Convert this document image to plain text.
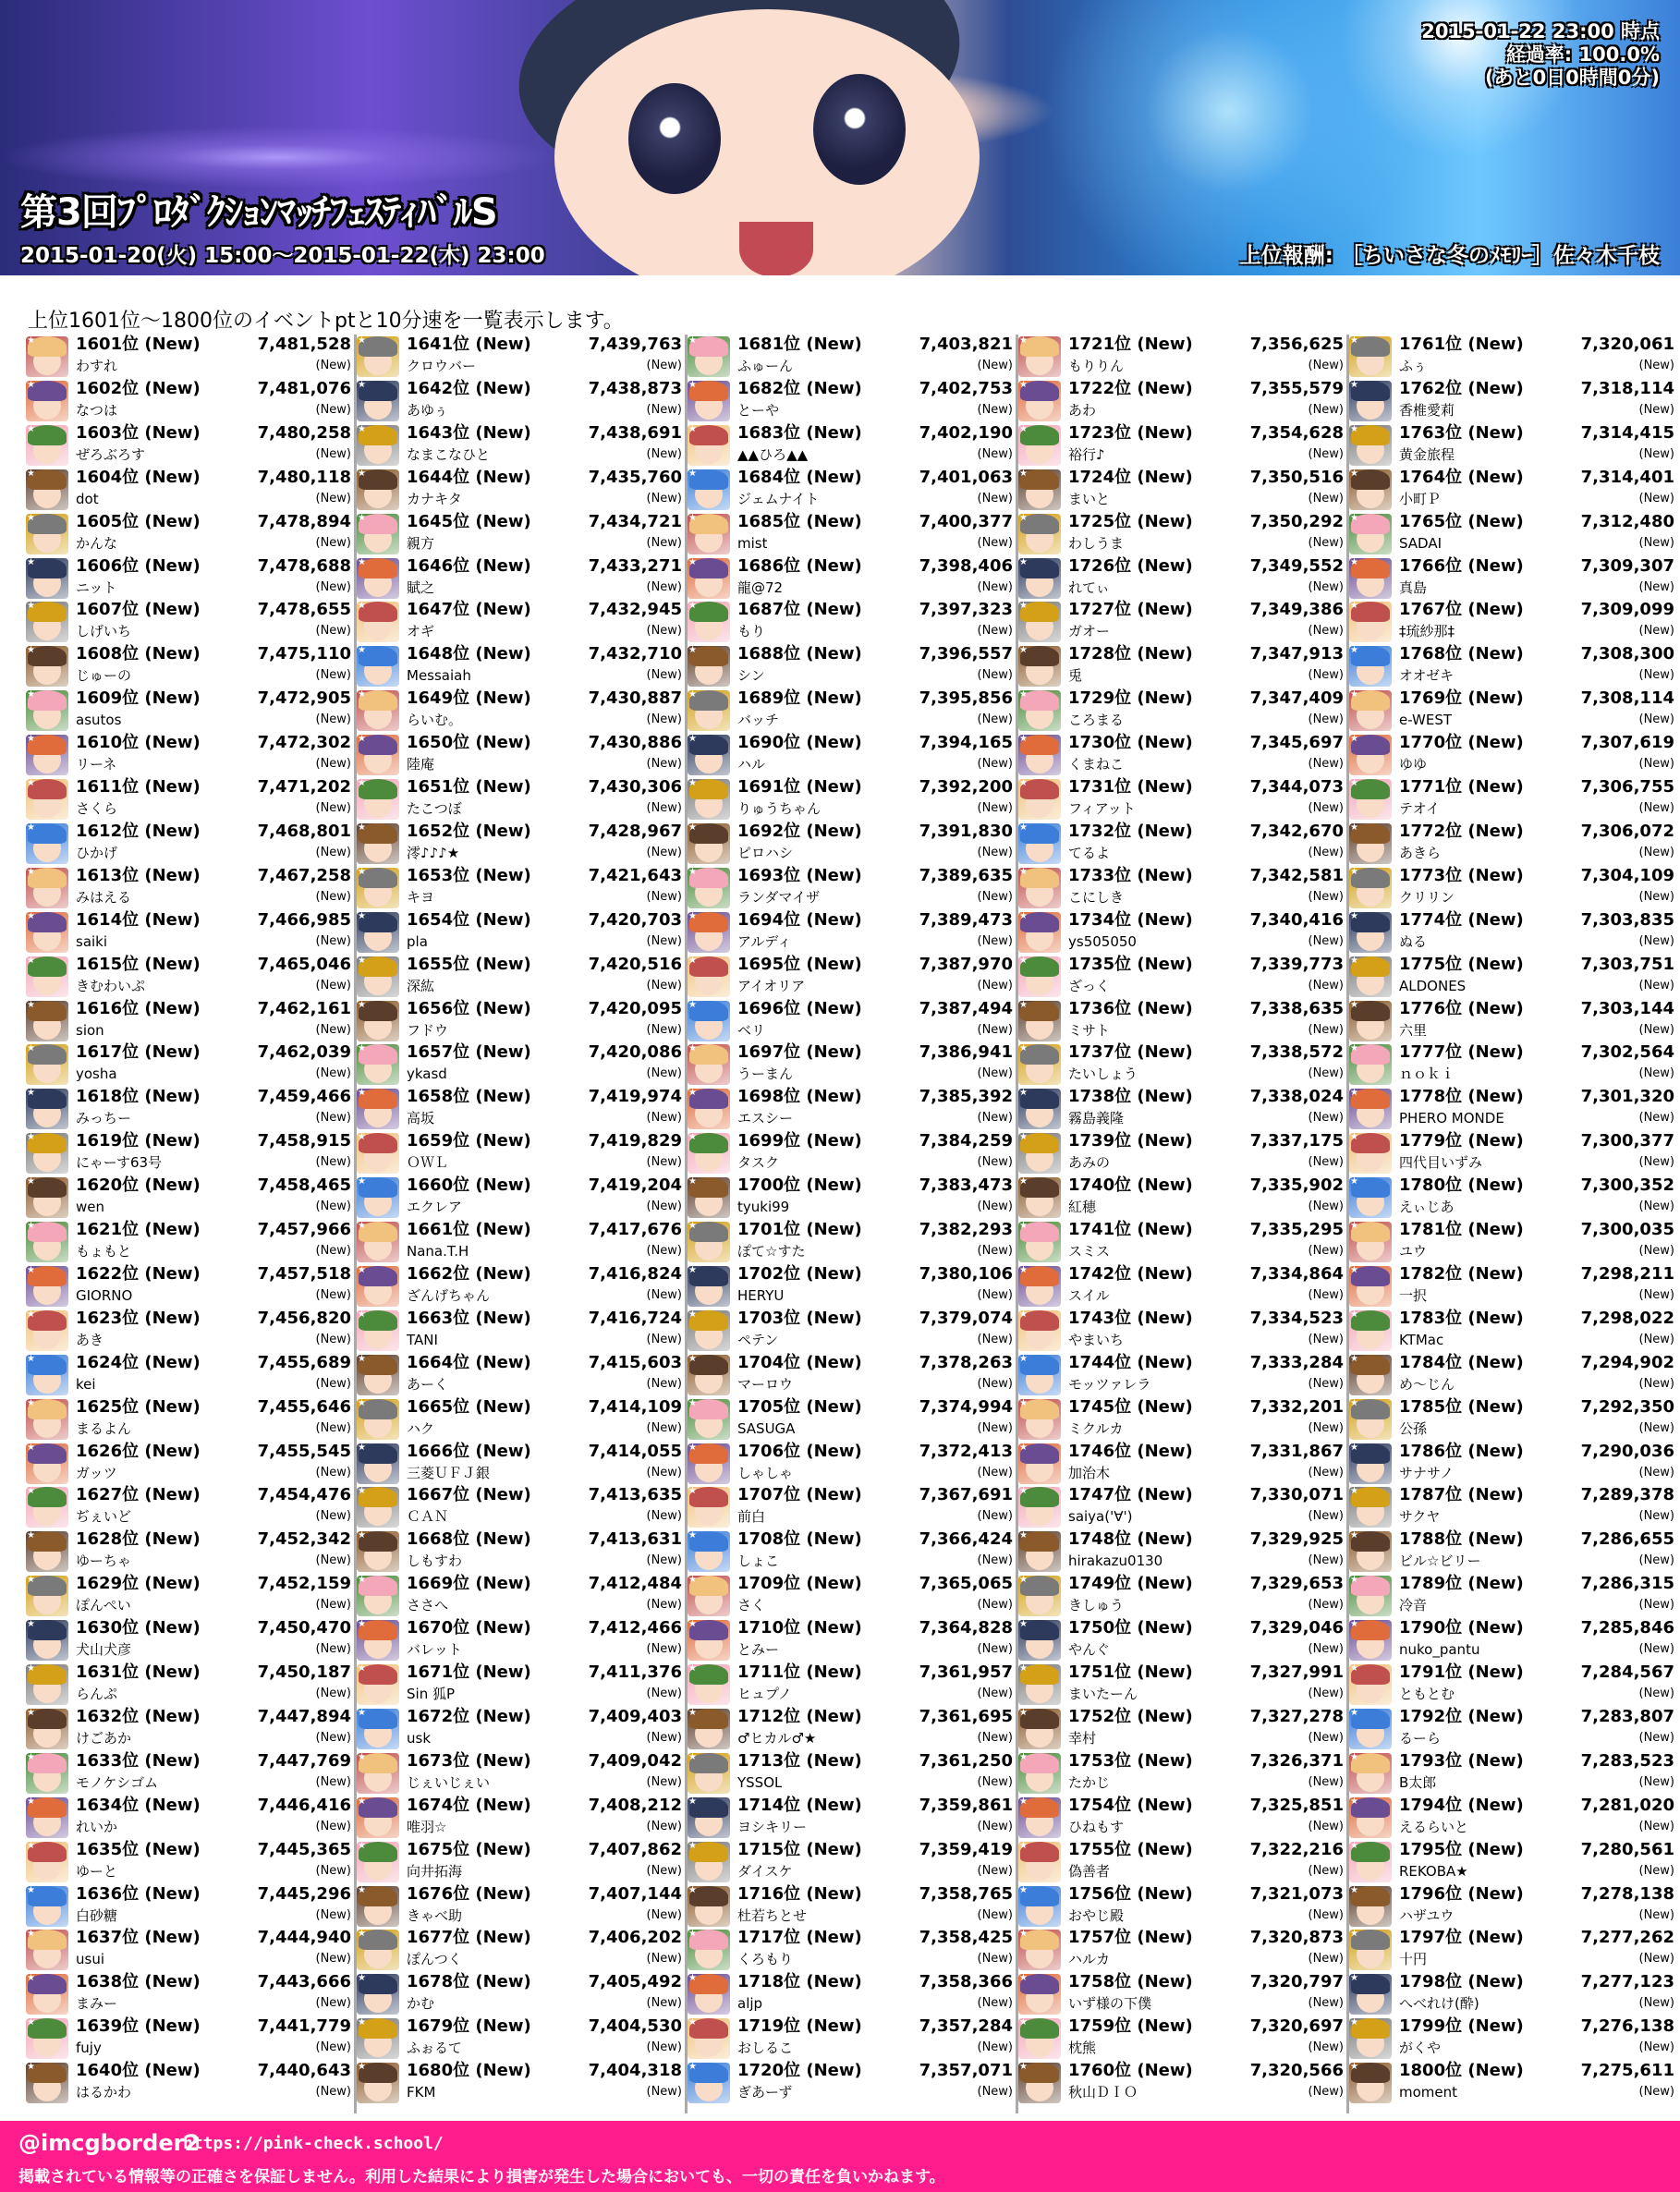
2015-01-22 23:00 時点
経過率: 100.0%
(あと0日0時間0分)
第3回ﾌﾟﾛﾀﾞｸｼｮﾝﾏｯﾁﾌｪｽﾃｨﾊﾞﾙS
2015-01-20(火) 15:00～2015-01-22(木) 23:00	上位報酬: ［ちいさな冬のﾒﾓﾘｰ］佐々木千枝
上位1601位～1800位のイベントptと10分速を一覧表示します。
★ 1601位 (New)	7,481,528
わすれ	(New)
★ 1602位 (New)	7,481,076
なつは	(New)
★ 1603位 (New)	7,480,258
ぜろぶろす	(New)
★ 1604位 (New)	7,480,118
dot	(New)
★ 1605位 (New)	7,478,894
かんな	(New)
★ 1606位 (New)	7,478,688
ニット	(New)
★ 1607位 (New)	7,478,655
しげいち	(New)
★ 1608位 (New)	7,475,110
じゅーの	(New)
★ 1609位 (New)	7,472,905
asutos	(New)
★ 1610位 (New)	7,472,302
リーネ	(New)
★ 1611位 (New)	7,471,202
さくら	(New)
★ 1612位 (New)	7,468,801
ひかげ	(New)
★ 1613位 (New)	7,467,258
みはえる	(New)
★ 1614位 (New)	7,466,985
saiki	(New)
★ 1615位 (New)	7,465,046
きむわいぷ	(New)
★ 1616位 (New)	7,462,161
sion	(New)
★ 1617位 (New)	7,462,039
yosha	(New)
★ 1618位 (New)	7,459,466
みっちー	(New)
★ 1619位 (New)	7,458,915
にゃーす63号	(New)
★ 1620位 (New)	7,458,465
wen	(New)
★ 1621位 (New)	7,457,966
もょもと	(New)
★ 1622位 (New)	7,457,518
GIORNO	(New)
★ 1623位 (New)	7,456,820
あき	(New)
★ 1624位 (New)	7,455,689
kei	(New)
★ 1625位 (New)	7,455,646
まるよん	(New)
★ 1626位 (New)	7,455,545
ガッツ	(New)
★ 1627位 (New)	7,454,476
ぢぇいど	(New)
★ 1628位 (New)	7,452,342
ゆーちゃ	(New)
★ 1629位 (New)	7,452,159
ぽんぺい	(New)
★ 1630位 (New)	7,450,470
犬山犬彦	(New)
★ 1631位 (New)	7,450,187
らんぷ	(New)
★ 1632位 (New)	7,447,894
けごあか	(New)
★ 1633位 (New)	7,447,769
モノケシゴム	(New)
★ 1634位 (New)	7,446,416
れいか	(New)
★ 1635位 (New)	7,445,365
ゆーと	(New)
★ 1636位 (New)	7,445,296
白砂糖	(New)
★ 1637位 (New)	7,444,940
usui	(New)
★ 1638位 (New)	7,443,666
まみー	(New)
★ 1639位 (New)	7,441,779
fujy	(New)
★ 1640位 (New)	7,440,643
はるかわ	(New)
★ 1641位 (New)	7,439,763
クロウバー	(New)
★ 1642位 (New)	7,438,873
あゆぅ	(New)
★ 1643位 (New)	7,438,691
なまこなひと	(New)
★ 1644位 (New)	7,435,760
カナキタ	(New)
★ 1645位 (New)	7,434,721
親方	(New)
★ 1646位 (New)	7,433,271
賦之	(New)
★ 1647位 (New)	7,432,945
オギ	(New)
★ 1648位 (New)	7,432,710
Messaiah	(New)
★ 1649位 (New)	7,430,887
らいむ。	(New)
★ 1650位 (New)	7,430,886
陸庵	(New)
★ 1651位 (New)	7,430,306
たこつぼ	(New)
★ 1652位 (New)	7,428,967
澪♪♪♪★	(New)
★ 1653位 (New)	7,421,643
キヨ	(New)
★ 1654位 (New)	7,420,703
pla	(New)
★ 1655位 (New)	7,420,516
深紘	(New)
★ 1656位 (New)	7,420,095
フドウ	(New)
★ 1657位 (New)	7,420,086
ykasd	(New)
★ 1658位 (New)	7,419,974
高坂	(New)
★ 1659位 (New)	7,419,829
ＯＷＬ	(New)
★ 1660位 (New)	7,419,204
エクレア	(New)
★ 1661位 (New)	7,417,676
Nana.T.H	(New)
★ 1662位 (New)	7,416,824
ざんげちゃん	(New)
★ 1663位 (New)	7,416,724
TANI	(New)
★ 1664位 (New)	7,415,603
あーく	(New)
★ 1665位 (New)	7,414,109
ハク	(New)
★ 1666位 (New)	7,414,055
三菱ＵＦＪ銀	(New)
★ 1667位 (New)	7,413,635
ＣＡＮ	(New)
★ 1668位 (New)	7,413,631
しもすわ	(New)
★ 1669位 (New)	7,412,484
ささへ	(New)
★ 1670位 (New)	7,412,466
バレット	(New)
★ 1671位 (New)	7,411,376
Sin 狐P	(New)
★ 1672位 (New)	7,409,403
usk	(New)
★ 1673位 (New)	7,409,042
じぇいじぇい	(New)
★ 1674位 (New)	7,408,212
唯羽☆	(New)
★ 1675位 (New)	7,407,862
向井拓海	(New)
★ 1676位 (New)	7,407,144
きゃべ助	(New)
★ 1677位 (New)	7,406,202
ぽんつく	(New)
★ 1678位 (New)	7,405,492
かむ	(New)
★ 1679位 (New)	7,404,530
ふぉるて	(New)
★ 1680位 (New)	7,404,318
FKM	(New)
★ 1681位 (New)	7,403,821
ふゅーん	(New)
★ 1682位 (New)	7,402,753
とーや	(New)
★ 1683位 (New)	7,402,190
▲▲ひろ▲▲	(New)
★ 1684位 (New)	7,401,063
ジェムナイト	(New)
★ 1685位 (New)	7,400,377
mist	(New)
★ 1686位 (New)	7,398,406
龍@72	(New)
★ 1687位 (New)	7,397,323
もり	(New)
★ 1688位 (New)	7,396,557
シン	(New)
★ 1689位 (New)	7,395,856
バッチ	(New)
★ 1690位 (New)	7,394,165
ハル	(New)
★ 1691位 (New)	7,392,200
りゅうちゃん	(New)
★ 1692位 (New)	7,391,830
ピロハシ	(New)
★ 1693位 (New)	7,389,635
ランダマイザ	(New)
★ 1694位 (New)	7,389,473
アルディ	(New)
★ 1695位 (New)	7,387,970
アイオリア	(New)
★ 1696位 (New)	7,387,494
ベリ	(New)
★ 1697位 (New)	7,386,941
うーまん	(New)
★ 1698位 (New)	7,385,392
エスシー	(New)
★ 1699位 (New)	7,384,259
タスク	(New)
★ 1700位 (New)	7,383,473
tyuki99	(New)
★ 1701位 (New)	7,382,293
ぽて☆すた	(New)
★ 1702位 (New)	7,380,106
HERYU	(New)
★ 1703位 (New)	7,379,074
ペテン	(New)
★ 1704位 (New)	7,378,263
マーロウ	(New)
★ 1705位 (New)	7,374,994
SASUGA	(New)
★ 1706位 (New)	7,372,413
しゃしゃ	(New)
★ 1707位 (New)	7,367,691
前白	(New)
★ 1708位 (New)	7,366,424
しょこ	(New)
★ 1709位 (New)	7,365,065
さく	(New)
★ 1710位 (New)	7,364,828
とみー	(New)
★ 1711位 (New)	7,361,957
ヒュプノ	(New)
★ 1712位 (New)	7,361,695
♂ヒカル♂★	(New)
★ 1713位 (New)	7,361,250
YSSOL	(New)
★ 1714位 (New)	7,359,861
ヨシキリー	(New)
★ 1715位 (New)	7,359,419
ダイスケ	(New)
★ 1716位 (New)	7,358,765
杜若ちとせ	(New)
★ 1717位 (New)	7,358,425
くろもり	(New)
★ 1718位 (New)	7,358,366
aljp	(New)
★ 1719位 (New)	7,357,284
おしるこ	(New)
★ 1720位 (New)	7,357,071
ぎあーず	(New)
★ 1721位 (New)	7,356,625
もりりん	(New)
★ 1722位 (New)	7,355,579
あわ	(New)
★ 1723位 (New)	7,354,628
裕行♪	(New)
★ 1724位 (New)	7,350,516
まいと	(New)
★ 1725位 (New)	7,350,292
わしうま	(New)
★ 1726位 (New)	7,349,552
れてぃ	(New)
★ 1727位 (New)	7,349,386
ガオー	(New)
★ 1728位 (New)	7,347,913
兎	(New)
★ 1729位 (New)	7,347,409
ころまる	(New)
★ 1730位 (New)	7,345,697
くまねこ	(New)
★ 1731位 (New)	7,344,073
フィアット	(New)
★ 1732位 (New)	7,342,670
てるよ	(New)
★ 1733位 (New)	7,342,581
こにしき	(New)
★ 1734位 (New)	7,340,416
ys505050	(New)
★ 1735位 (New)	7,339,773
ざっく	(New)
★ 1736位 (New)	7,338,635
ミサト	(New)
★ 1737位 (New)	7,338,572
たいしょう	(New)
★ 1738位 (New)	7,338,024
霧島義隆	(New)
★ 1739位 (New)	7,337,175
あみの	(New)
★ 1740位 (New)	7,335,902
紅穂	(New)
★ 1741位 (New)	7,335,295
スミス	(New)
★ 1742位 (New)	7,334,864
スイル	(New)
★ 1743位 (New)	7,334,523
やまいち	(New)
★ 1744位 (New)	7,333,284
モッツァレラ	(New)
★ 1745位 (New)	7,332,201
ミクルカ	(New)
★ 1746位 (New)	7,331,867
加治木	(New)
★ 1747位 (New)	7,330,071
saiya('∀')	(New)
★ 1748位 (New)	7,329,925
hirakazu0130	(New)
★ 1749位 (New)	7,329,653
きしゅう	(New)
★ 1750位 (New)	7,329,046
やんぐ	(New)
★ 1751位 (New)	7,327,991
まいたーん	(New)
★ 1752位 (New)	7,327,278
幸村	(New)
★ 1753位 (New)	7,326,371
たかじ	(New)
★ 1754位 (New)	7,325,851
ひねもす	(New)
★ 1755位 (New)	7,322,216
偽善者	(New)
★ 1756位 (New)	7,321,073
おやじ殿	(New)
★ 1757位 (New)	7,320,873
ハルカ	(New)
★ 1758位 (New)	7,320,797
いず様の下僕	(New)
★ 1759位 (New)	7,320,697
枕熊	(New)
★ 1760位 (New)	7,320,566
秋山ＤＩＯ	(New)
★ 1761位 (New)	7,320,061
ふぅ	(New)
★ 1762位 (New)	7,318,114
香椎愛莉	(New)
★ 1763位 (New)	7,314,415
黄金旅程	(New)
★ 1764位 (New)	7,314,401
小町Ｐ	(New)
★ 1765位 (New)	7,312,480
SADAI	(New)
★ 1766位 (New)	7,309,307
真島	(New)
★ 1767位 (New)	7,309,099
‡琉紗那‡	(New)
★ 1768位 (New)	7,308,300
オオゼキ	(New)
★ 1769位 (New)	7,308,114
e-WEST	(New)
★ 1770位 (New)	7,307,619
ゆゆ	(New)
★ 1771位 (New)	7,306,755
テオイ	(New)
★ 1772位 (New)	7,306,072
あきら	(New)
★ 1773位 (New)	7,304,109
クリリン	(New)
★ 1774位 (New)	7,303,835
ぬる	(New)
★ 1775位 (New)	7,303,751
ALDONES	(New)
★ 1776位 (New)	7,303,144
六里	(New)
★ 1777位 (New)	7,302,564
ｎｏｋｉ	(New)
★ 1778位 (New)	7,301,320
PHERO MONDE	(New)
★ 1779位 (New)	7,300,377
四代目いずみ	(New)
★ 1780位 (New)	7,300,352
えぃじあ	(New)
★ 1781位 (New)	7,300,035
ユウ	(New)
★ 1782位 (New)	7,298,211
一択	(New)
★ 1783位 (New)	7,298,022
KTMac	(New)
★ 1784位 (New)	7,294,902
め～じん	(New)
★ 1785位 (New)	7,292,350
公孫	(New)
★ 1786位 (New)	7,290,036
サナサノ	(New)
★ 1787位 (New)	7,289,378
サクヤ	(New)
★ 1788位 (New)	7,286,655
ビル☆ビリー	(New)
★ 1789位 (New)	7,286,315
冷音	(New)
★ 1790位 (New)	7,285,846
nuko_pantu	(New)
★ 1791位 (New)	7,284,567
ともとむ	(New)
★ 1792位 (New)	7,283,807
るーら	(New)
★ 1793位 (New)	7,283,523
B太郎	(New)
★ 1794位 (New)	7,281,020
えるらいと	(New)
★ 1795位 (New)	7,280,561
REKOBA★	(New)
★ 1796位 (New)	7,278,138
ハザユウ	(New)
★ 1797位 (New)	7,277,262
十円	(New)
★ 1798位 (New)	7,277,123
へべれけ(酔)	(New)
★ 1799位 (New)	7,276,138
がくや	(New)
★ 1800位 (New)	7,275,611
moment	(New)
@imcgborder2
https://pink-check.school/
掲載されている情報等の正確さを保証しません。利用した結果により損害が発生した場合においても、一切の責任を負いかねます。
